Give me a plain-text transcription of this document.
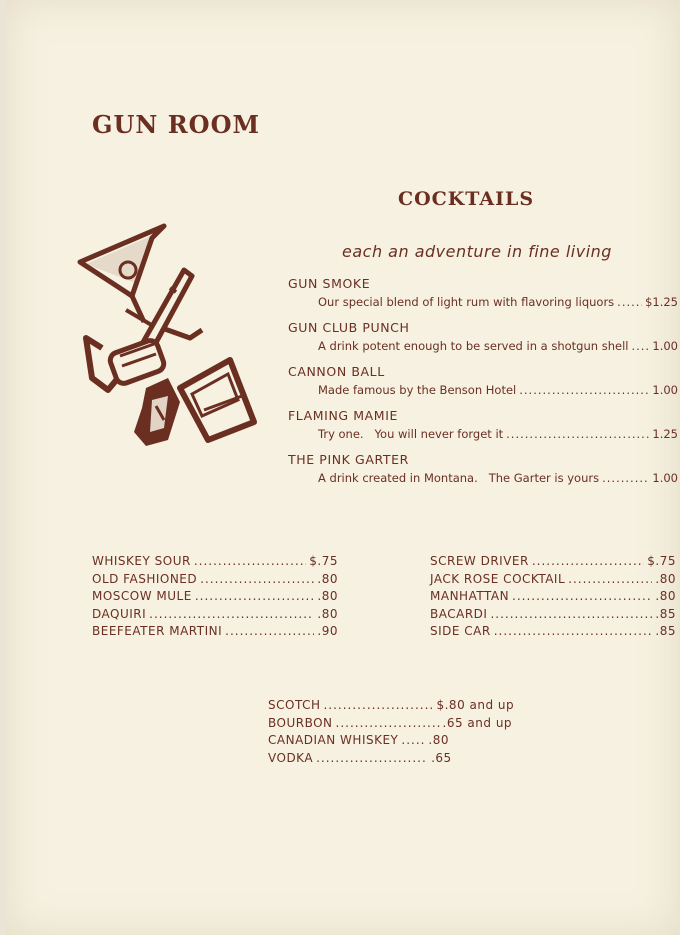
GUN ROOM
COCKTAILS
each an adventure in fine living
GUN SMOKE
Our special blend of light rum with flavoring liquors .....	$1.25
GUN CLUB PUNCH
A drink potent enough to be served in a shotgun shell ..... 1.00
CANNON BALL
Made famous by the Benson Hotel .....	1.00
FLAMING MAMIE
Try one.   You will never forget it .....	1.25
THE PINK GARTER
A drink created in Montana.   The Garter is yours .....	1.00
WHISKEY SOUR .....	$.75
OLD FASHIONED .....	.80
MOSCOW MULE .....	.80
DAQUIRI .....	.80
BEEFEATER MARTINI .....	.90
SCREW DRIVER .....	$.75
JACK ROSE COCKTAIL .....	.80
MANHATTAN .....	.80
BACARDI .....	.85
SIDE CAR .....	.85
SCOTCH .....	$.80 and up
BOURBON .....	.65 and up
CANADIAN WHISKEY .....	.80
VODKA .....	.65
